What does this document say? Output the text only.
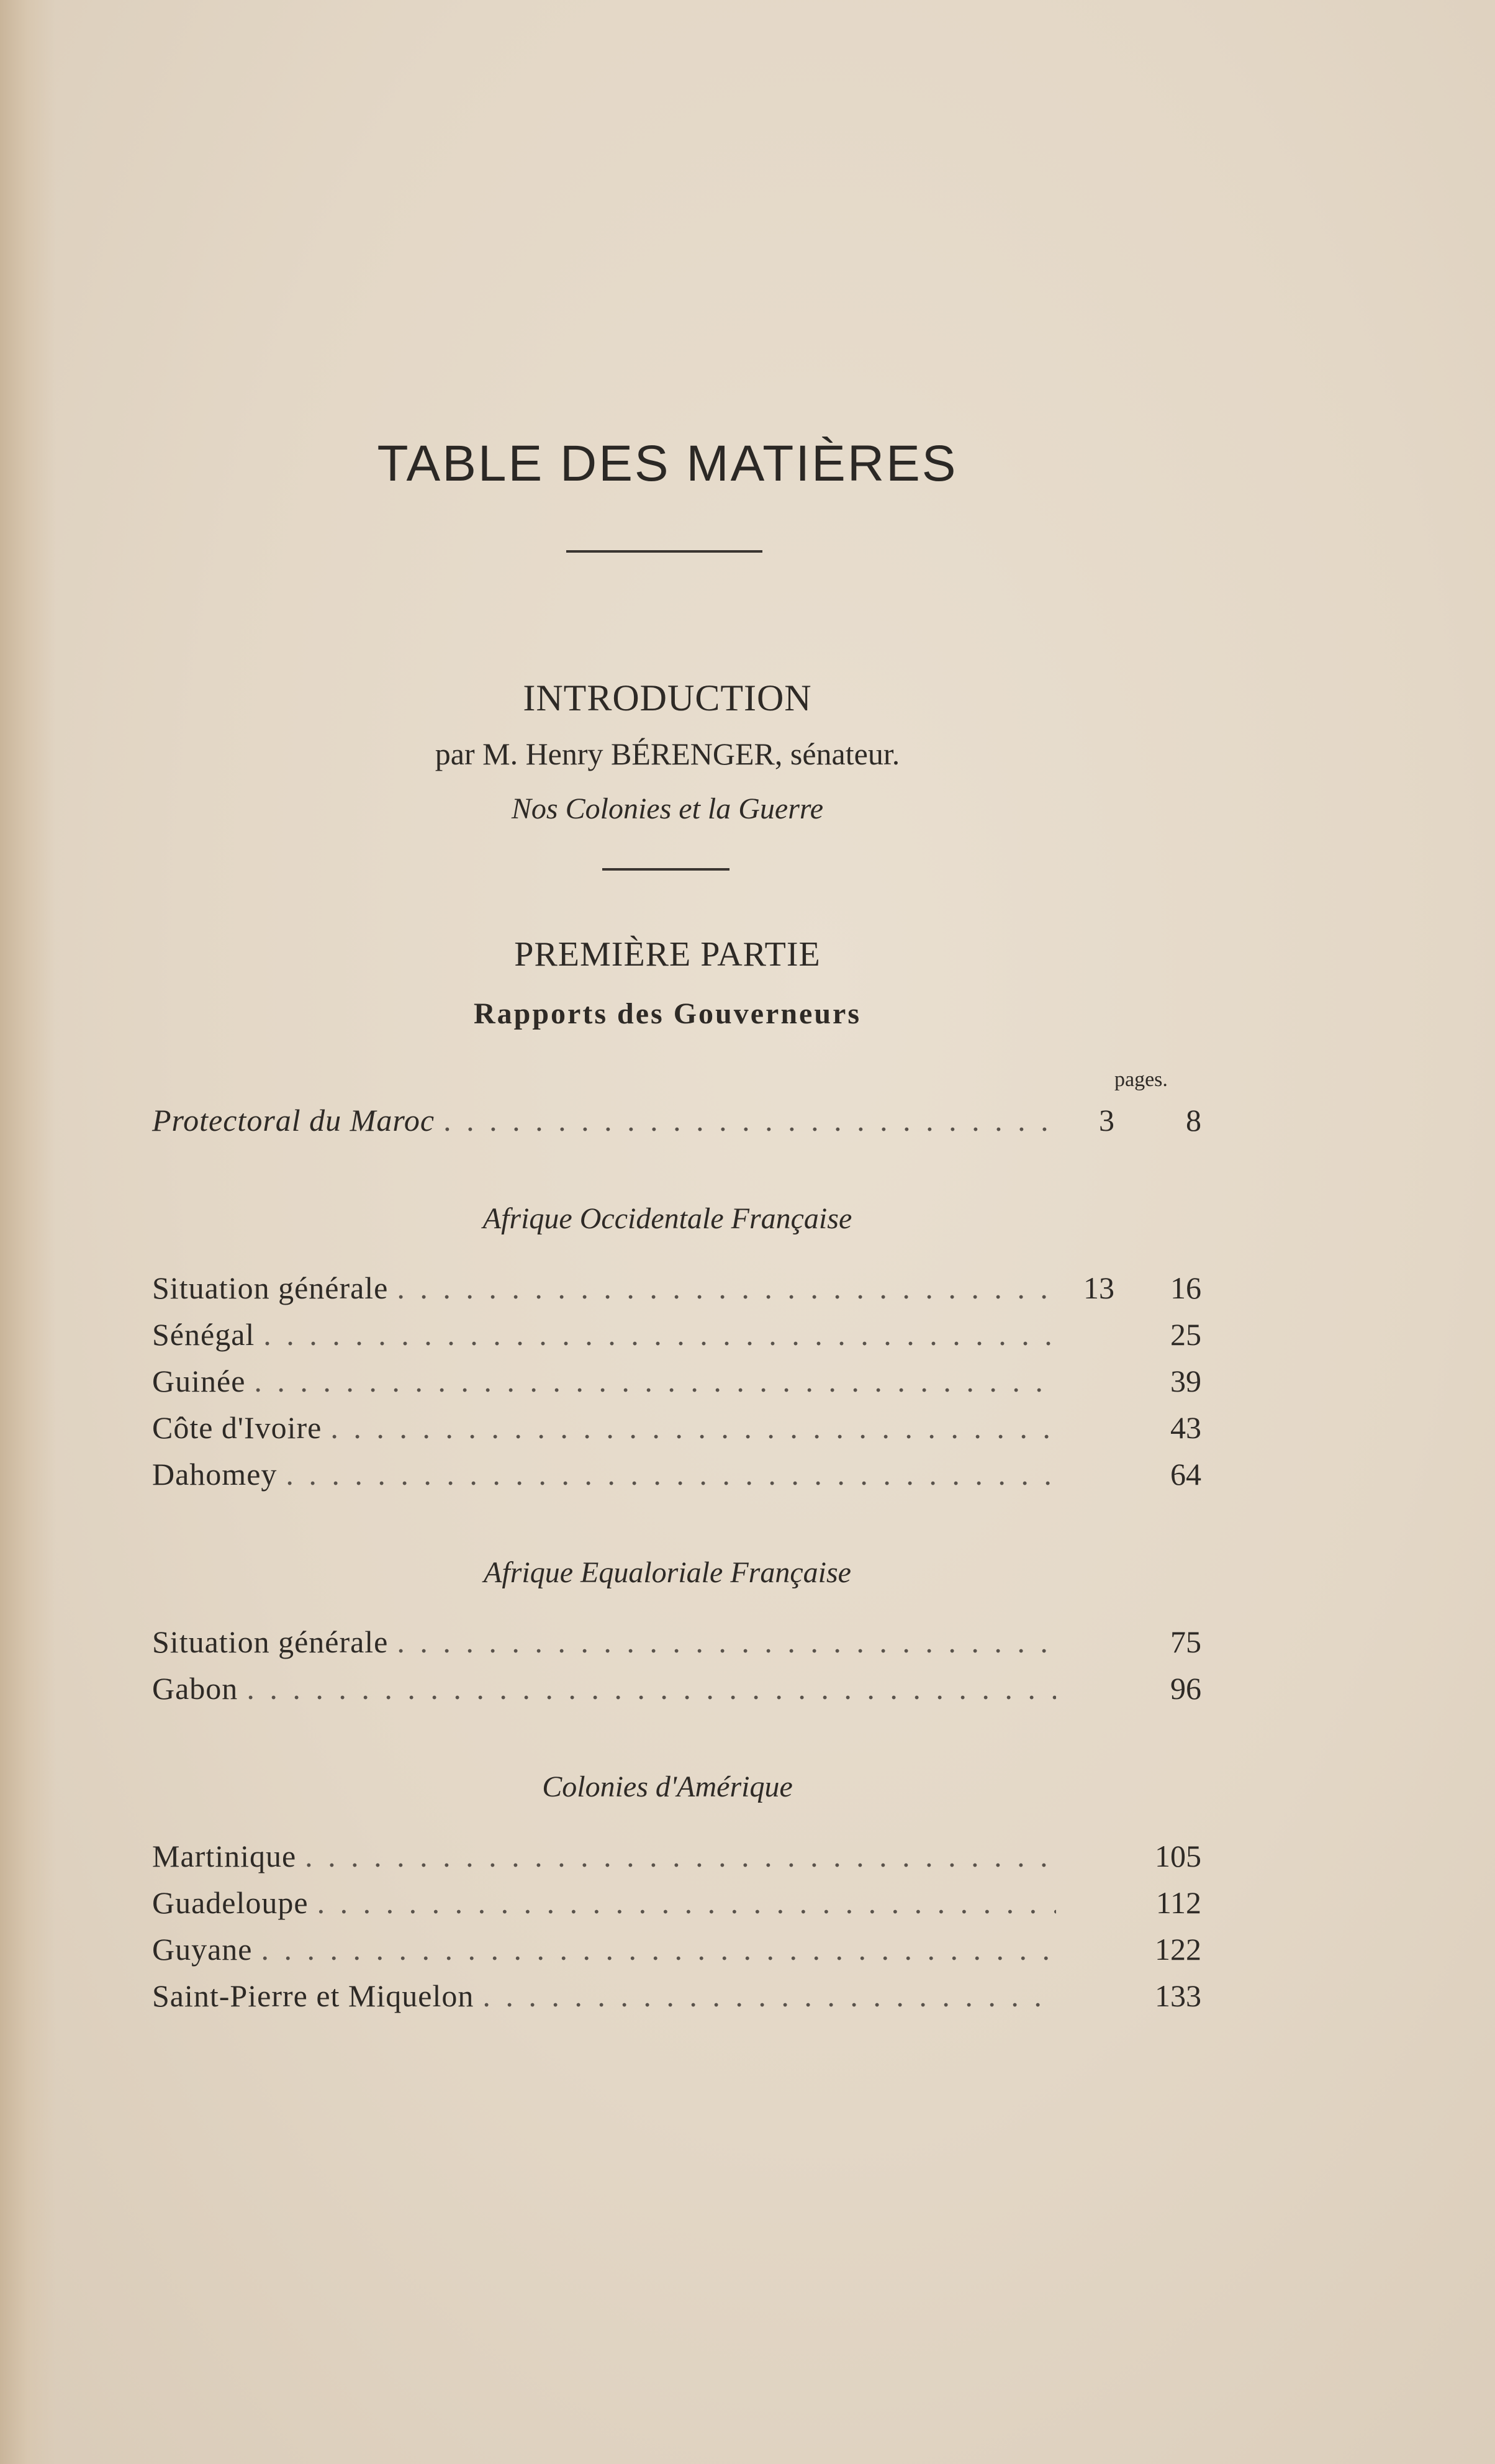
TABLE DES MATIÈRES
INTRODUCTION
par M. Henry BÉRENGER, sénateur.
Nos Colonies et la Guerre
PREMIÈRE PARTIE
Rapports des Gouverneurs
pages.
Protectoral du Maroc . . .	3	8
Afrique Occidentale Française
Situation générale . . .	13	16
Sénégal . . .	25
Guinée . . .	39
Côte d'Ivoire . . .	43
Dahomey . . .	64
Afrique Equaloriale Française
Situation générale . . .	75
Gabon . . .	96
Colonies d'Amérique
Martinique . . .	105
Guadeloupe . . .	112
Guyane . . .	122
Saint-Pierre et Miquelon . . .	133
